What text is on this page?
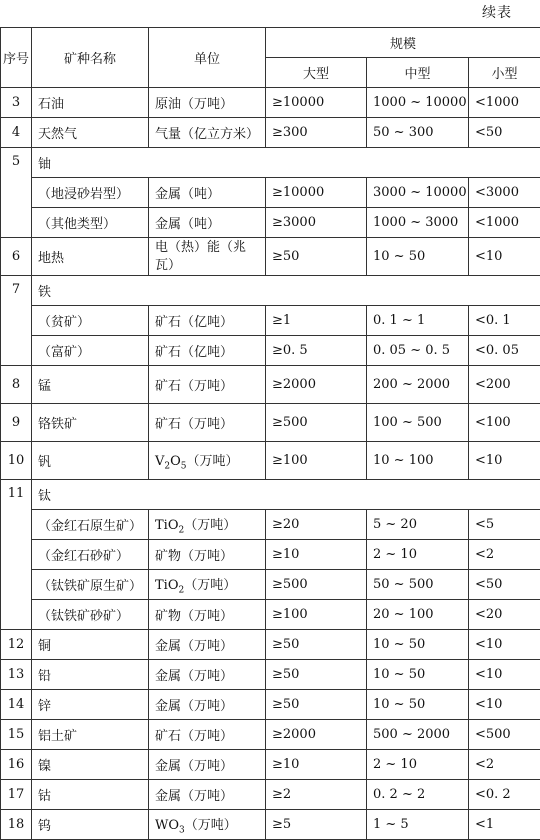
续表
序号	矿种名称	单位	规模		
			大型	中型	小型
3	石油	原油（万吨）	≥10000	1000 ~ 10000	<1000
4	天然气	气量（亿立方米）	≥300	50 ~ 300	<50
5	铀				
	（地浸砂岩型）	金属（吨）	≥10000	3000 ~ 10000	<3000
	（其他类型）	金属（吨）	≥3000	1000 ~ 3000	<1000
6	地热	电（热）能（兆瓦）	≥50	10 ~ 50	<10
7	铁				
	（贫矿）	矿石（亿吨）	≥1	0. 1 ~ 1	<0. 1
	（富矿）	矿石（亿吨）	≥0. 5	0. 05 ~ 0. 5	<0. 05
8	锰	矿石（万吨）	≥2000	200 ~ 2000	<200
9	铬铁矿	矿石（万吨）	≥500	100 ~ 500	<100
10	钒	$V_2O_5$（万吨）	≥100	10 ~ 100	<10
11	钛				
	（金红石原生矿）	TiO$_2$（万吨）	≥20	5 ~ 20	<5
	（金红石砂矿）	矿物（万吨）	≥10	2 ~ 10	<2
	（钛铁矿原生矿）	TiO$_2$（万吨）	≥500	50 ~ 500	<50
	（钛铁矿砂矿）	矿物（万吨）	≥100	20 ~ 100	<20
12	铜	金属（万吨）	≥50	10 ~ 50	<10
13	铅	金属（万吨）	≥50	10 ~ 50	<10
14	锌	金属（万吨）	≥50	10 ~ 50	<10
15	铝土矿	矿石（万吨）	≥2000	500 ~ 2000	<500
16	镍	金属（万吨）	≥10	2 ~ 10	<2
17	钴	金属（万吨）	≥2	0. 2 ~ 2	<0. 2
18	钨	$WO_3$（万吨）	≥5	1 ~ 5	<1
